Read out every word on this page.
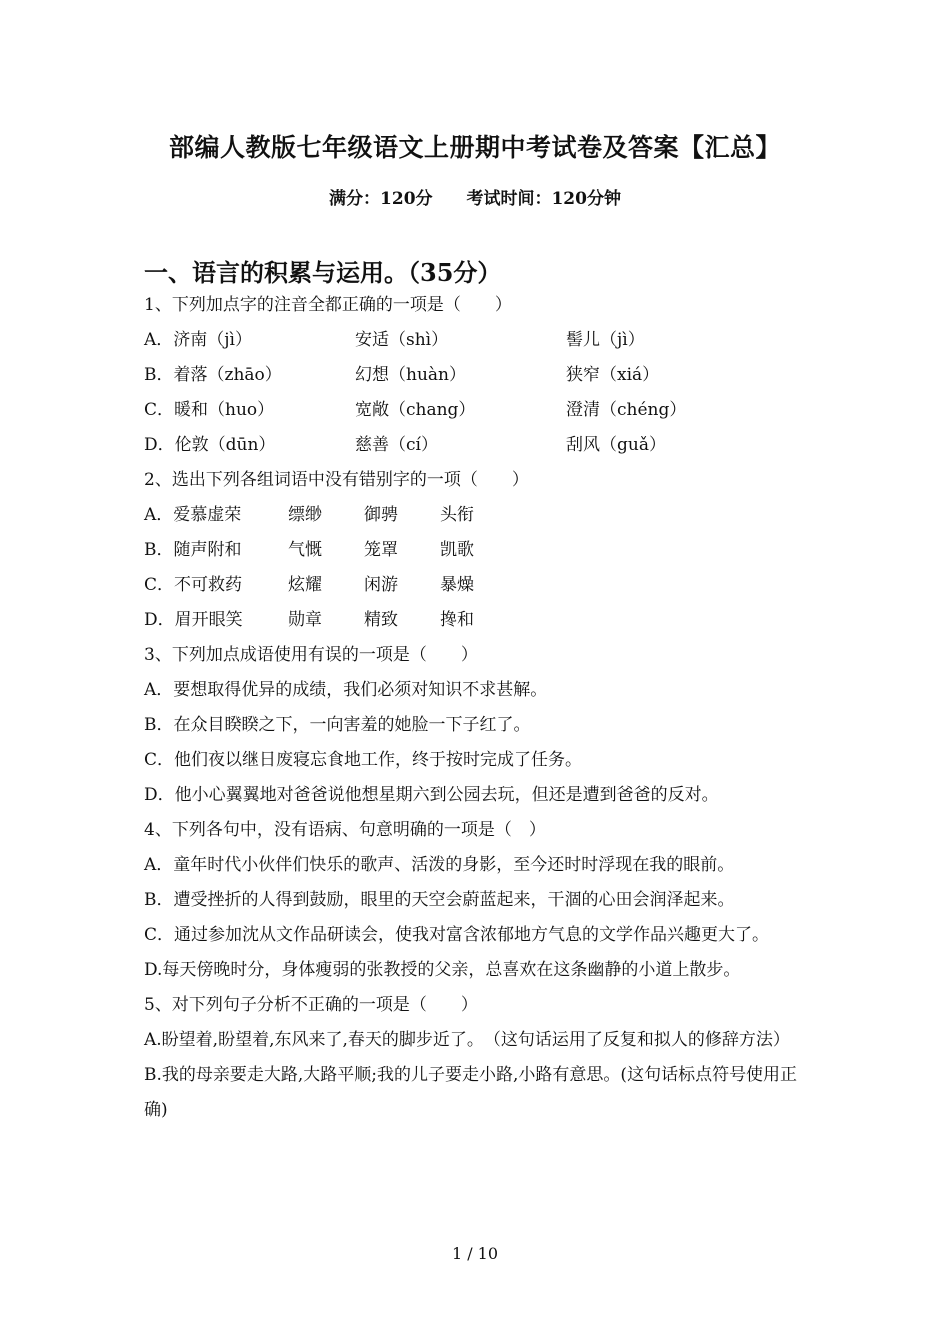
部编人教版七年级语文上册期中考试卷及答案【汇总】
满分：120分 考试时间：120分钟
一、语言的积累与运用。（35分）
1、下列加点字的注音全都正确的一项是（　　）
A．济南（jì）	安适（shì）	髻儿（jì）
B．着落（zhāo）	幻想（huàn）	狭窄（xiá）
C．暖和（huo）	宽敞（chang）	澄清（chéng）
D．伦敦（dūn）	慈善（cí）	刮风（guǎ）
2、选出下列各组词语中没有错别字的一项（　　）
A．爱慕虚荣	缥缈 御骋 头衔
B．随声附和	气慨 笼罩 凯歌
C．不可救药	炫耀 闲游 暴燥
D．眉开眼笑	勋章 精致 搀和
3、下列加点成语使用有误的一项是（　　）
A．要想取得优异的成绩，我们必须对知识不求甚解。
B．在众目睽睽之下，一向害羞的她脸一下子红了。
C．他们夜以继日废寝忘食地工作，终于按时完成了任务。
D．他小心翼翼地对爸爸说他想星期六到公园去玩，但还是遭到爸爸的反对。
4、下列各句中，没有语病、句意明确的一项是（　）
A．童年时代小伙伴们快乐的歌声、活泼的身影，至今还时时浮现在我的眼前。
B．遭受挫折的人得到鼓励，眼里的天空会蔚蓝起来，干涸的心田会润泽起来。
C．通过参加沈从文作品研读会，使我对富含浓郁地方气息的文学作品兴趣更大了。
D.每天傍晚时分，身体瘦弱的张教授的父亲，总喜欢在这条幽静的小道上散步。
5、对下列句子分析不正确的一项是（　　）
A.盼望着,盼望着,东风来了,春天的脚步近了。　（这句话运用了反复和拟人的修辞方法）
B.我的母亲要走大路,大路平顺;我的儿子要走小路,小路有意思。(这句话标点符号使用正确)
1 / 10
